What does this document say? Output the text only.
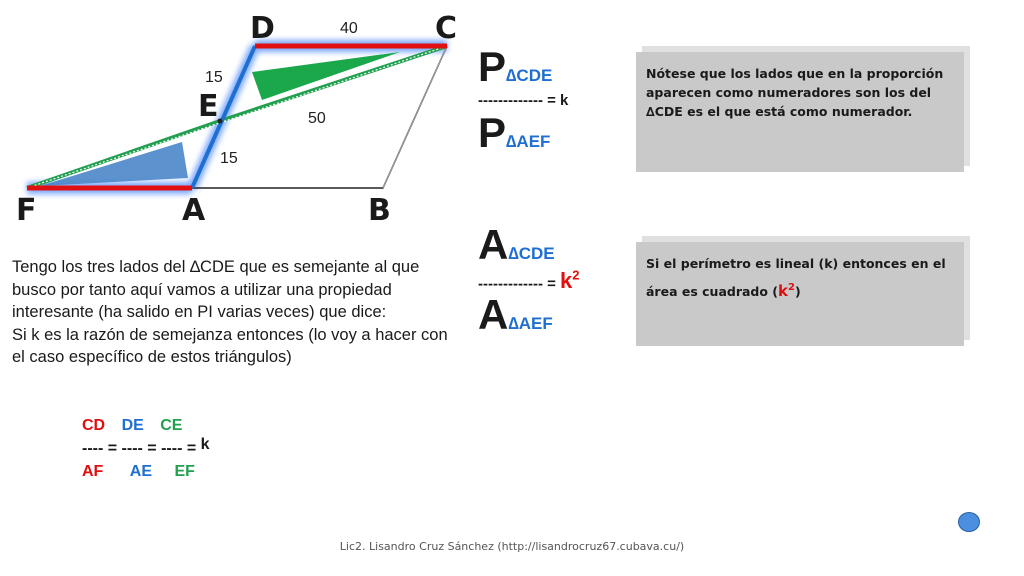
D	C
E
F	A	B
40
15
50
15
P∆CDE
------------- = k
P∆AEF
A∆CDE
------------- = $k^2$
A∆AEF
Nótese que los lados que en la proporción aparecen como numeradores son los del ∆CDE es el que está como numerador.
Si el perímetro es lineal (k) entonces en el área es cuadrado $(k^2)$
Tengo los tres lados del ∆CDE que es semejante al que busco por tanto aquí vamos a utilizar una propiedad interesante (ha salido en PI varias veces) que dice:
Si k es la razón de semejanza entonces (lo voy a hacer con el caso específico de estos triángulos)
CD DE CE
---- = ---- = ---- = k
AF AE EF
Lic2. Lisandro Cruz Sánchez (http://lisandrocruz67.cubava.cu/)
